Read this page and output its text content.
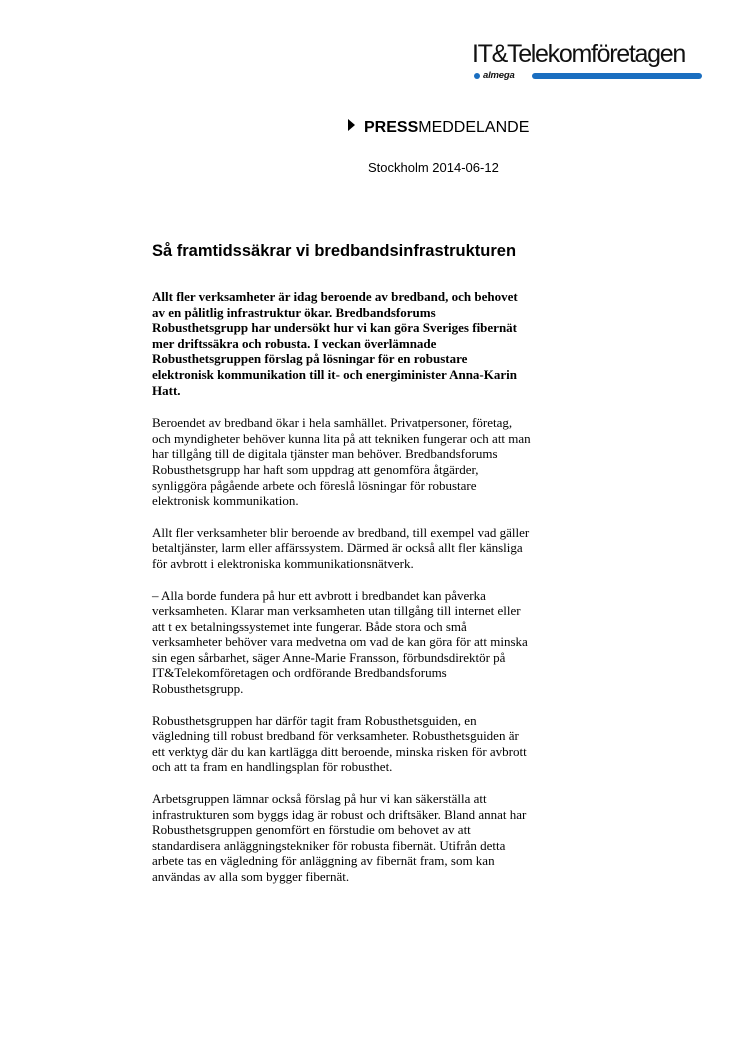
IT&Telekomföretagen
almega
PRESSMEDDELANDE
Stockholm 2014-06-12
Så framtidssäkrar vi bredbandsinfrastrukturen

Allt fler verksamheter är idag beroende av bredband, och behovet
av en pålitlig infrastruktur ökar. Bredbandsforums
Robusthetsgrupp har undersökt hur vi kan göra Sveriges fibernät
mer driftssäkra och robusta. I veckan överlämnade
Robusthetsgruppen förslag på lösningar för en robustare
elektronisk kommunikation till it- och energiminister Anna-Karin
Hatt.

Beroendet av bredband ökar i hela samhället. Privatpersoner, företag,
och myndigheter behöver kunna lita på att tekniken fungerar och att man
har tillgång till de digitala tjänster man behöver. Bredbandsforums
Robusthetsgrupp har haft som uppdrag att genomföra åtgärder,
synliggöra pågående arbete och föreslå lösningar för robustare
elektronisk kommunikation.

Allt fler verksamheter blir beroende av bredband, till exempel vad gäller
betaltjänster, larm eller affärssystem. Därmed är också allt fler känsliga
för avbrott i elektroniska kommunikationsnätverk.

– Alla borde fundera på hur ett avbrott i bredbandet kan påverka
verksamheten. Klarar man verksamheten utan tillgång till internet eller
att t ex betalningssystemet inte fungerar. Både stora och små
verksamheter behöver vara medvetna om vad de kan göra för att minska
sin egen sårbarhet, säger Anne-Marie Fransson, förbundsdirektör på
IT&Telekomföretagen och ordförande Bredbandsforums
Robusthetsgrupp.

Robusthetsgruppen har därför tagit fram Robusthetsguiden, en
vägledning till robust bredband för verksamheter. Robusthetsguiden är
ett verktyg där du kan kartlägga ditt beroende, minska risken för avbrott
och att ta fram en handlingsplan för robusthet.

Arbetsgruppen lämnar också förslag på hur vi kan säkerställa att
infrastrukturen som byggs idag är robust och driftsäker. Bland annat har
Robusthetsgruppen genomfört en förstudie om behovet av att
standardisera anläggningstekniker för robusta fibernät. Utifrån detta
arbete tas en vägledning för anläggning av fibernät fram, som kan
användas av alla som bygger fibernät.
